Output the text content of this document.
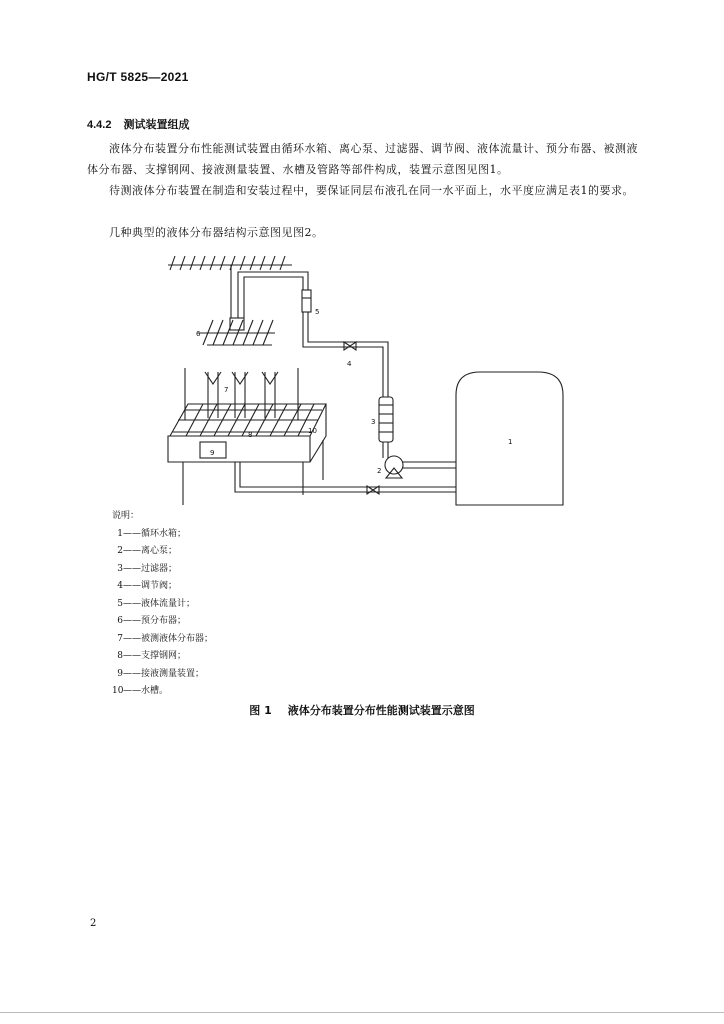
HG/T 5825—2021
4.4.2 测试装置组成
液体分布装置分布性能测试装置由循环水箱、离心泵、过滤器、调节阀、液体流量计、预分布器、被测液体分布器、支撑钢网、接液测量装置、水槽及管路等部件构成，装置示意图见图1。
待测液体分布装置在制造和安装过程中，要保证同层布液孔在同一水平面上，水平度应满足表1的要求。
几种典型的液体分布器结构示意图见图2。
1
2
3
4
5
6
7
8
9
10
说明：
1——循环水箱；
2——离心泵；
3——过滤器；
4——调节阀；
5——液体流量计；
6——预分布器；
7——被测液体分布器；
8——支撑钢网；
9——接液测量装置；
10——水槽。
图 1 液体分布装置分布性能测试装置示意图
2
